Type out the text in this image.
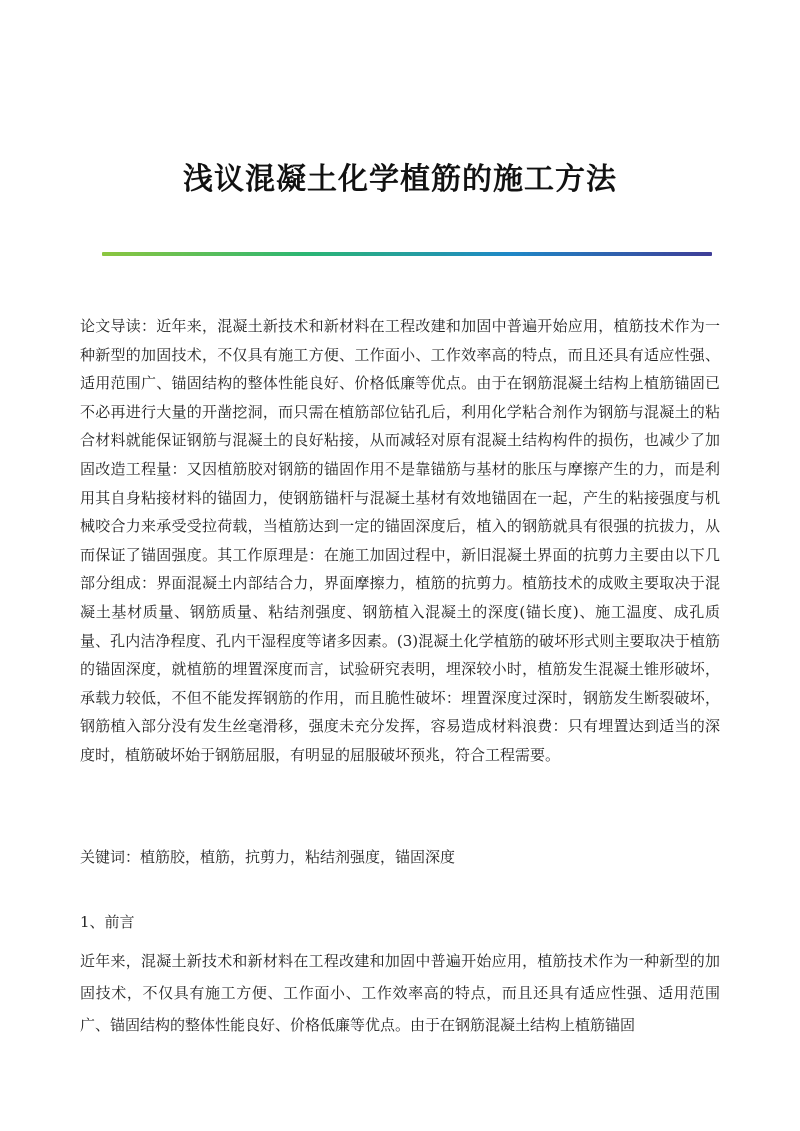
浅议混凝土化学植筋的施工方法

论文导读：近年来，混凝土新技术和新材料在工程改建和加固中普遍开始应用，植筋技术作为一种新型的加固技术，不仅具有施工方便、工作面小、工作效率高的特点，而且还具有适应性强、适用范围广、锚固结构的整体性能良好、价格低廉等优点。由于在钢筋混凝土结构上植筋锚固已不必再进行大量的开凿挖洞，而只需在植筋部位钻孔后，利用化学粘合剂作为钢筋与混凝土的粘合材料就能保证钢筋与混凝土的良好粘接，从而减轻对原有混凝土结构构件的损伤，也减少了加固改造工程量：又因植筋胶对钢筋的锚固作用不是靠锚筋与基材的胀压与摩擦产生的力，而是利用其自身粘接材料的锚固力，使钢筋锚杆与混凝土基材有效地锚固在一起，产生的粘接强度与机械咬合力来承受受拉荷载，当植筋达到一定的锚固深度后，植入的钢筋就具有很强的抗拔力，从而保证了锚固强度。其工作原理是：在施工加固过程中，新旧混凝土界面的抗剪力主要由以下几部分组成：界面混凝土内部结合力，界面摩擦力，植筋的抗剪力。植筋技术的成败主要取决于混凝土基材质量、钢筋质量、粘结剂强度、钢筋植入混凝土的深度(锚长度)、施工温度、成孔质量、孔内洁净程度、孔内干湿程度等诸多因素。(3)混凝土化学植筋的破坏形式则主要取决于植筋的锚固深度，就植筋的埋置深度而言，试验研究表明，埋深较小时，植筋发生混凝土锥形破坏，承载力较低，不但不能发挥钢筋的作用，而且脆性破坏：埋置深度过深时，钢筋发生断裂破坏，钢筋植入部分没有发生丝毫滑移，强度未充分发挥，容易造成材料浪费：只有埋置达到适当的深度时，植筋破坏始于钢筋屈服，有明显的屈服破坏预兆，符合工程需要。

关键词：植筋胶，植筋，抗剪力，粘结剂强度，锚固深度

1、前言

近年来，混凝土新技术和新材料在工程改建和加固中普遍开始应用，植筋技术作为一种新型的加固技术，不仅具有施工方便、工作面小、工作效率高的特点，而且还具有适应性强、适用范围广、锚固结构的整体性能良好、价格低廉等优点。由于在钢筋混凝土结构上植筋锚固
